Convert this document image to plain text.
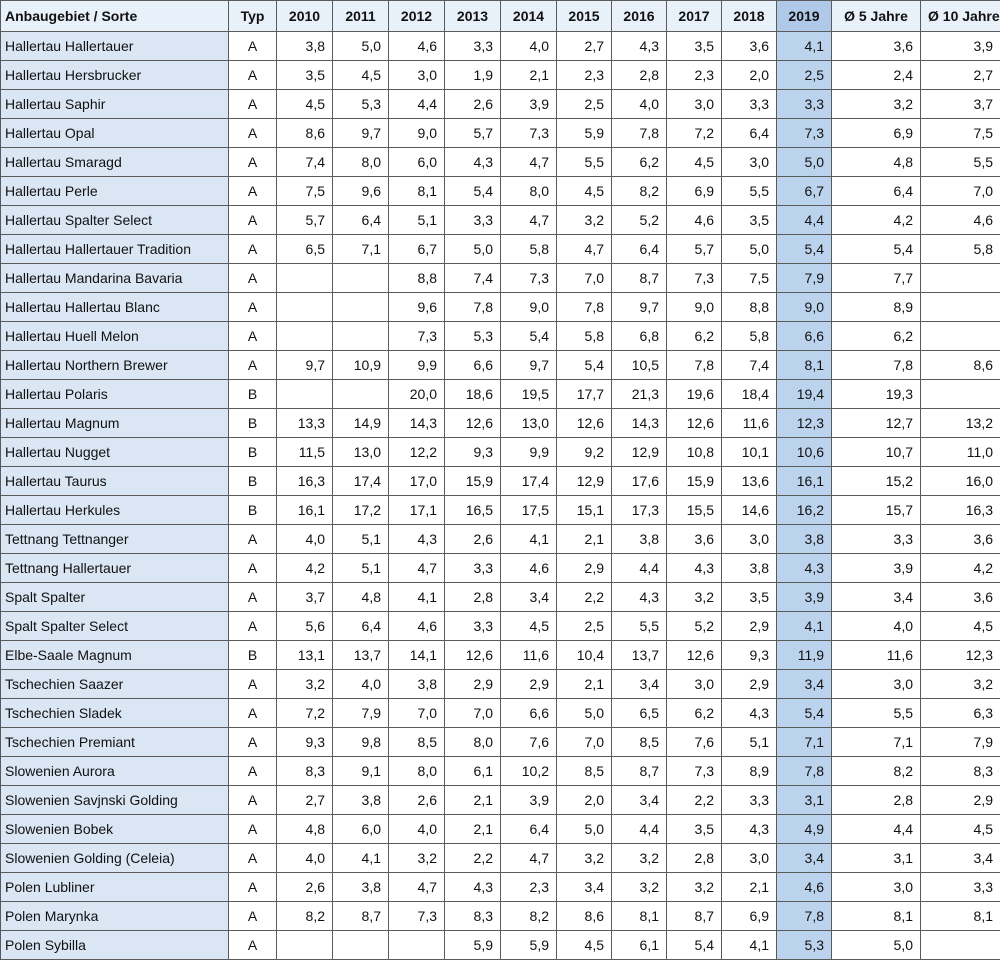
Anbaugebiet / Sorte	Typ	2010	2011	2012	2013	2014	2015	2016	2017	2018	2019	Ø 5 Jahre	Ø 10 Jahre
Hallertau Hallertauer	A	3,8	5,0	4,6	3,3	4,0	2,7	4,3	3,5	3,6	4,1	3,6	3,9
Hallertau Hersbrucker	A	3,5	4,5	3,0	1,9	2,1	2,3	2,8	2,3	2,0	2,5	2,4	2,7
Hallertau Saphir	A	4,5	5,3	4,4	2,6	3,9	2,5	4,0	3,0	3,3	3,3	3,2	3,7
Hallertau Opal	A	8,6	9,7	9,0	5,7	7,3	5,9	7,8	7,2	6,4	7,3	6,9	7,5
Hallertau Smaragd	A	7,4	8,0	6,0	4,3	4,7	5,5	6,2	4,5	3,0	5,0	4,8	5,5
Hallertau Perle	A	7,5	9,6	8,1	5,4	8,0	4,5	8,2	6,9	5,5	6,7	6,4	7,0
Hallertau Spalter Select	A	5,7	6,4	5,1	3,3	4,7	3,2	5,2	4,6	3,5	4,4	4,2	4,6
Hallertau Hallertauer Tradition	A	6,5	7,1	6,7	5,0	5,8	4,7	6,4	5,7	5,0	5,4	5,4	5,8
Hallertau Mandarina Bavaria	A			8,8	7,4	7,3	7,0	8,7	7,3	7,5	7,9	7,7	
Hallertau Hallertau Blanc	A			9,6	7,8	9,0	7,8	9,7	9,0	8,8	9,0	8,9	
Hallertau Huell Melon	A			7,3	5,3	5,4	5,8	6,8	6,2	5,8	6,6	6,2	
Hallertau Northern Brewer	A	9,7	10,9	9,9	6,6	9,7	5,4	10,5	7,8	7,4	8,1	7,8	8,6
Hallertau Polaris	B			20,0	18,6	19,5	17,7	21,3	19,6	18,4	19,4	19,3	
Hallertau Magnum	B	13,3	14,9	14,3	12,6	13,0	12,6	14,3	12,6	11,6	12,3	12,7	13,2
Hallertau Nugget	B	11,5	13,0	12,2	9,3	9,9	9,2	12,9	10,8	10,1	10,6	10,7	11,0
Hallertau Taurus	B	16,3	17,4	17,0	15,9	17,4	12,9	17,6	15,9	13,6	16,1	15,2	16,0
Hallertau Herkules	B	16,1	17,2	17,1	16,5	17,5	15,1	17,3	15,5	14,6	16,2	15,7	16,3
Tettnang Tettnanger	A	4,0	5,1	4,3	2,6	4,1	2,1	3,8	3,6	3,0	3,8	3,3	3,6
Tettnang Hallertauer	A	4,2	5,1	4,7	3,3	4,6	2,9	4,4	4,3	3,8	4,3	3,9	4,2
Spalt Spalter	A	3,7	4,8	4,1	2,8	3,4	2,2	4,3	3,2	3,5	3,9	3,4	3,6
Spalt Spalter Select	A	5,6	6,4	4,6	3,3	4,5	2,5	5,5	5,2	2,9	4,1	4,0	4,5
Elbe-Saale Magnum	B	13,1	13,7	14,1	12,6	11,6	10,4	13,7	12,6	9,3	11,9	11,6	12,3
Tschechien Saazer	A	3,2	4,0	3,8	2,9	2,9	2,1	3,4	3,0	2,9	3,4	3,0	3,2
Tschechien Sladek	A	7,2	7,9	7,0	7,0	6,6	5,0	6,5	6,2	4,3	5,4	5,5	6,3
Tschechien Premiant	A	9,3	9,8	8,5	8,0	7,6	7,0	8,5	7,6	5,1	7,1	7,1	7,9
Slowenien Aurora	A	8,3	9,1	8,0	6,1	10,2	8,5	8,7	7,3	8,9	7,8	8,2	8,3
Slowenien Savjnski Golding	A	2,7	3,8	2,6	2,1	3,9	2,0	3,4	2,2	3,3	3,1	2,8	2,9
Slowenien Bobek	A	4,8	6,0	4,0	2,1	6,4	5,0	4,4	3,5	4,3	4,9	4,4	4,5
Slowenien Golding (Celeia)	A	4,0	4,1	3,2	2,2	4,7	3,2	3,2	2,8	3,0	3,4	3,1	3,4
Polen Lubliner	A	2,6	3,8	4,7	4,3	2,3	3,4	3,2	3,2	2,1	4,6	3,0	3,3
Polen Marynka	A	8,2	8,7	7,3	8,3	8,2	8,6	8,1	8,7	6,9	7,8	8,1	8,1
Polen Sybilla	A				5,9	5,9	4,5	6,1	5,4	4,1	5,3	5,0	
